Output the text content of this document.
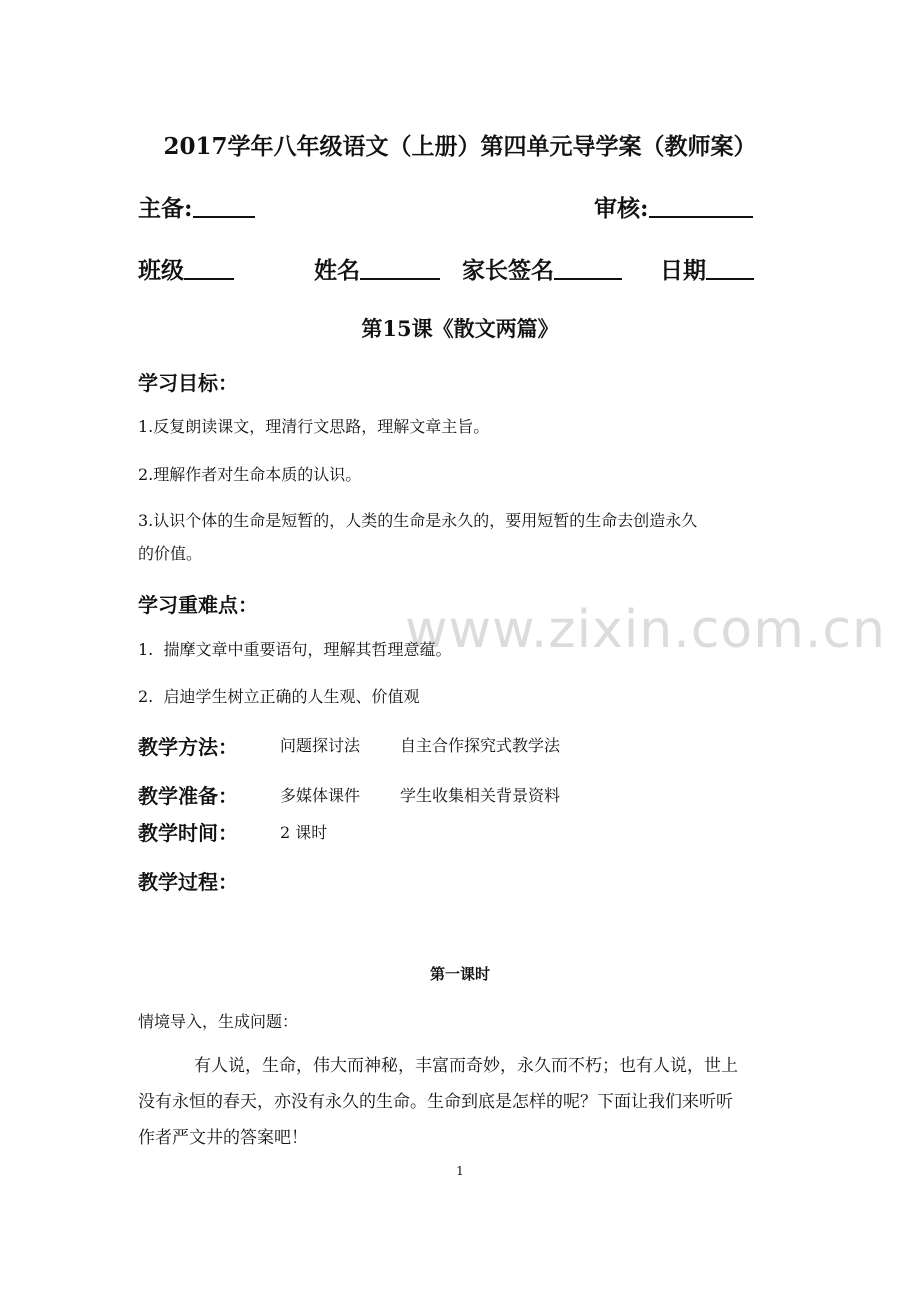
www.zixin.com.cn
2017学年八年级语文（上册）第四单元导学案（教师案）
主备:	审核:
班级	姓名	家长签名	日期
第15课《散文两篇》
学习目标：
1.反复朗读课文，理清行文思路，理解文章主旨。
2.理解作者对生命本质的认识。
3.认识个体的生命是短暂的，人类的生命是永久的，要用短暂的生命去创造永久
的价值。
学习重难点：
1.  揣摩文章中重要语句，理解其哲理意蕴。
2.  启迪学生树立正确的人生观、价值观
教学方法：	问题探讨法 自主合作探究式教学法
教学准备：	多媒体课件 学生收集相关背景资料
教学时间：	2 课时
教学过程：
第一课时
情境导入，生成问题：
有人说，生命，伟大而神秘，丰富而奇妙，永久而不朽；也有人说，世上
没有永恒的春天，亦没有永久的生命。生命到底是怎样的呢？下面让我们来听听
作者严文井的答案吧！
1
